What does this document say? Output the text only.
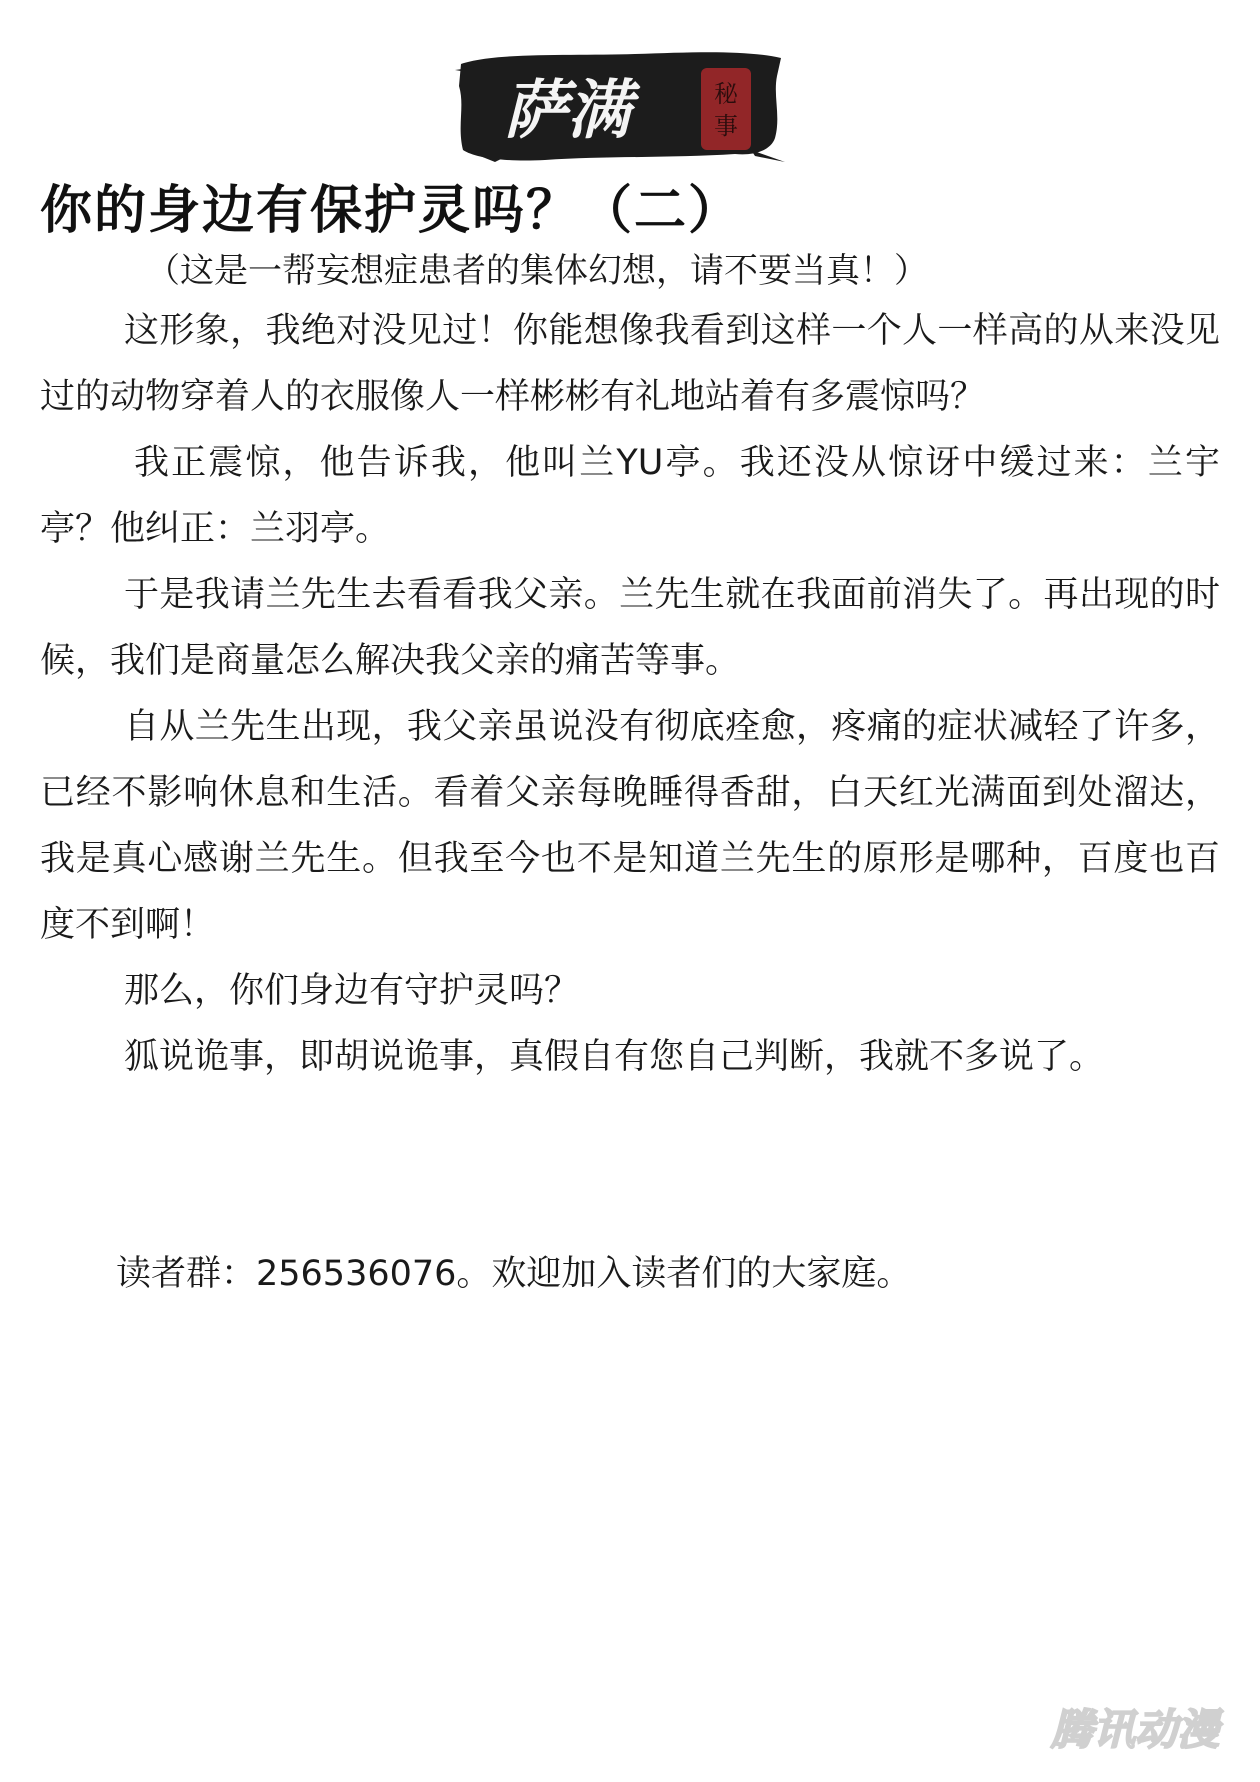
萨满	秘
事
你的身边有保护灵吗？（二）
（这是一帮妄想症患者的集体幻想，请不要当真！）

这形象，我绝对没见过！你能想像我看到这样一个人一样高的从来没见过的动物穿着人的衣服像人一样彬彬有礼地站着有多震惊吗？

我正震惊，他告诉我，他叫兰YU亭。我还没从惊讶中缓过来：兰宇亭？他纠正：兰羽亭。

于是我请兰先生去看看我父亲。兰先生就在我面前消失了。再出现的时候，我们是商量怎么解决我父亲的痛苦等事。

自从兰先生出现，我父亲虽说没有彻底痊愈，疼痛的症状减轻了许多，已经不影响休息和生活。看着父亲每晚睡得香甜，白天红光满面到处溜达，我是真心感谢兰先生。但我至今也不是知道兰先生的原形是哪种，百度也百度不到啊！

那么，你们身边有守护灵吗？

狐说诡事，即胡说诡事，真假自有您自己判断，我就不多说了。

读者群：256536076。欢迎加入读者们的大家庭。
腾讯动漫
